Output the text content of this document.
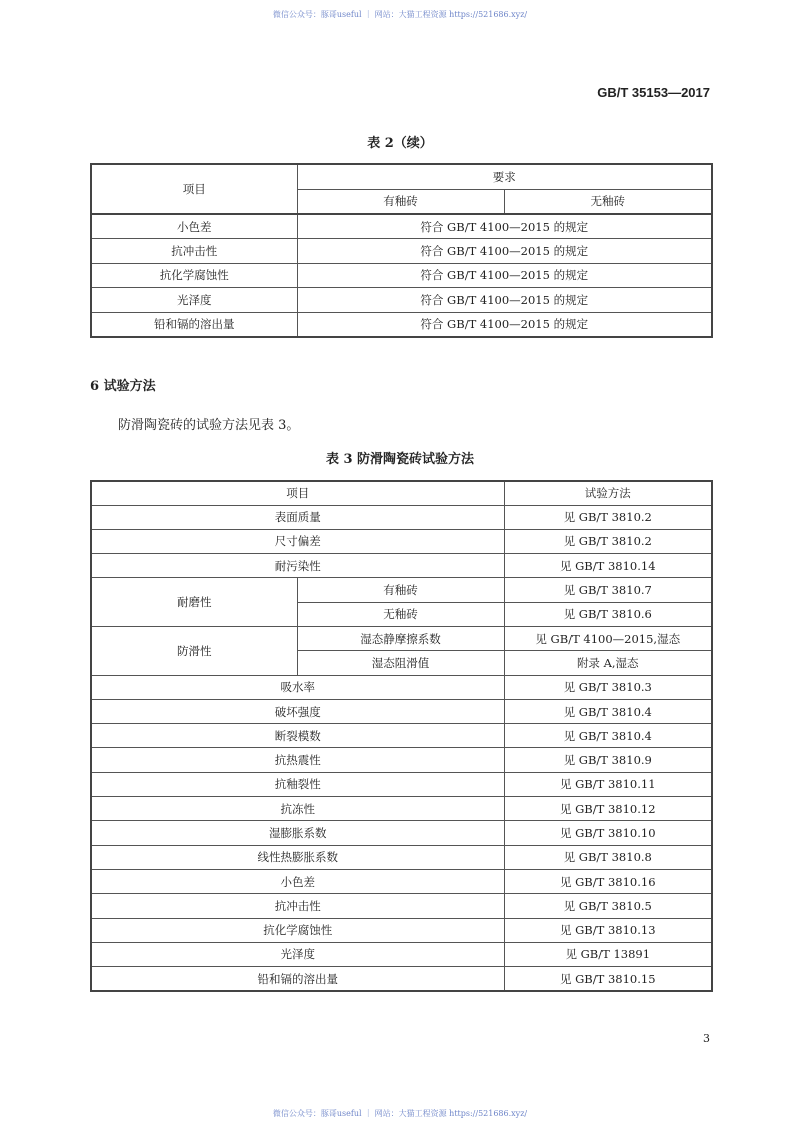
微信公众号：豚哥useful ｜ 网站：大猫工程资源 https://521686.xyz/
GB/T 35153—2017
表 2（续）
项目	要求	
	有釉砖	无釉砖
小色差	符合 GB/T 4100—2015 的规定	
抗冲击性	符合 GB/T 4100—2015 的规定	
抗化学腐蚀性	符合 GB/T 4100—2015 的规定	
光泽度	符合 GB/T 4100—2015 的规定	
铅和镉的溶出量	符合 GB/T 4100—2015 的规定	
6 试验方法
防滑陶瓷砖的试验方法见表 3。
表 3 防滑陶瓷砖试验方法
项目		试验方法
表面质量		见 GB/T 3810.2
尺寸偏差		见 GB/T 3810.2
耐污染性		见 GB/T 3810.14
耐磨性	有釉砖	见 GB/T 3810.7
	无釉砖	见 GB/T 3810.6
防滑性	湿态静摩擦系数	见 GB/T 4100—2015,湿态
	湿态阻滑值	附录 A,湿态
吸水率		见 GB/T 3810.3
破坏强度		见 GB/T 3810.4
断裂模数		见 GB/T 3810.4
抗热震性		见 GB/T 3810.9
抗釉裂性		见 GB/T 3810.11
抗冻性		见 GB/T 3810.12
湿膨胀系数		见 GB/T 3810.10
线性热膨胀系数		见 GB/T 3810.8
小色差		见 GB/T 3810.16
抗冲击性		见 GB/T 3810.5
抗化学腐蚀性		见 GB/T 3810.13
光泽度		见 GB/T 13891
铅和镉的溶出量		见 GB/T 3810.15
3
微信公众号：豚哥useful ｜ 网站：大猫工程资源 https://521686.xyz/
